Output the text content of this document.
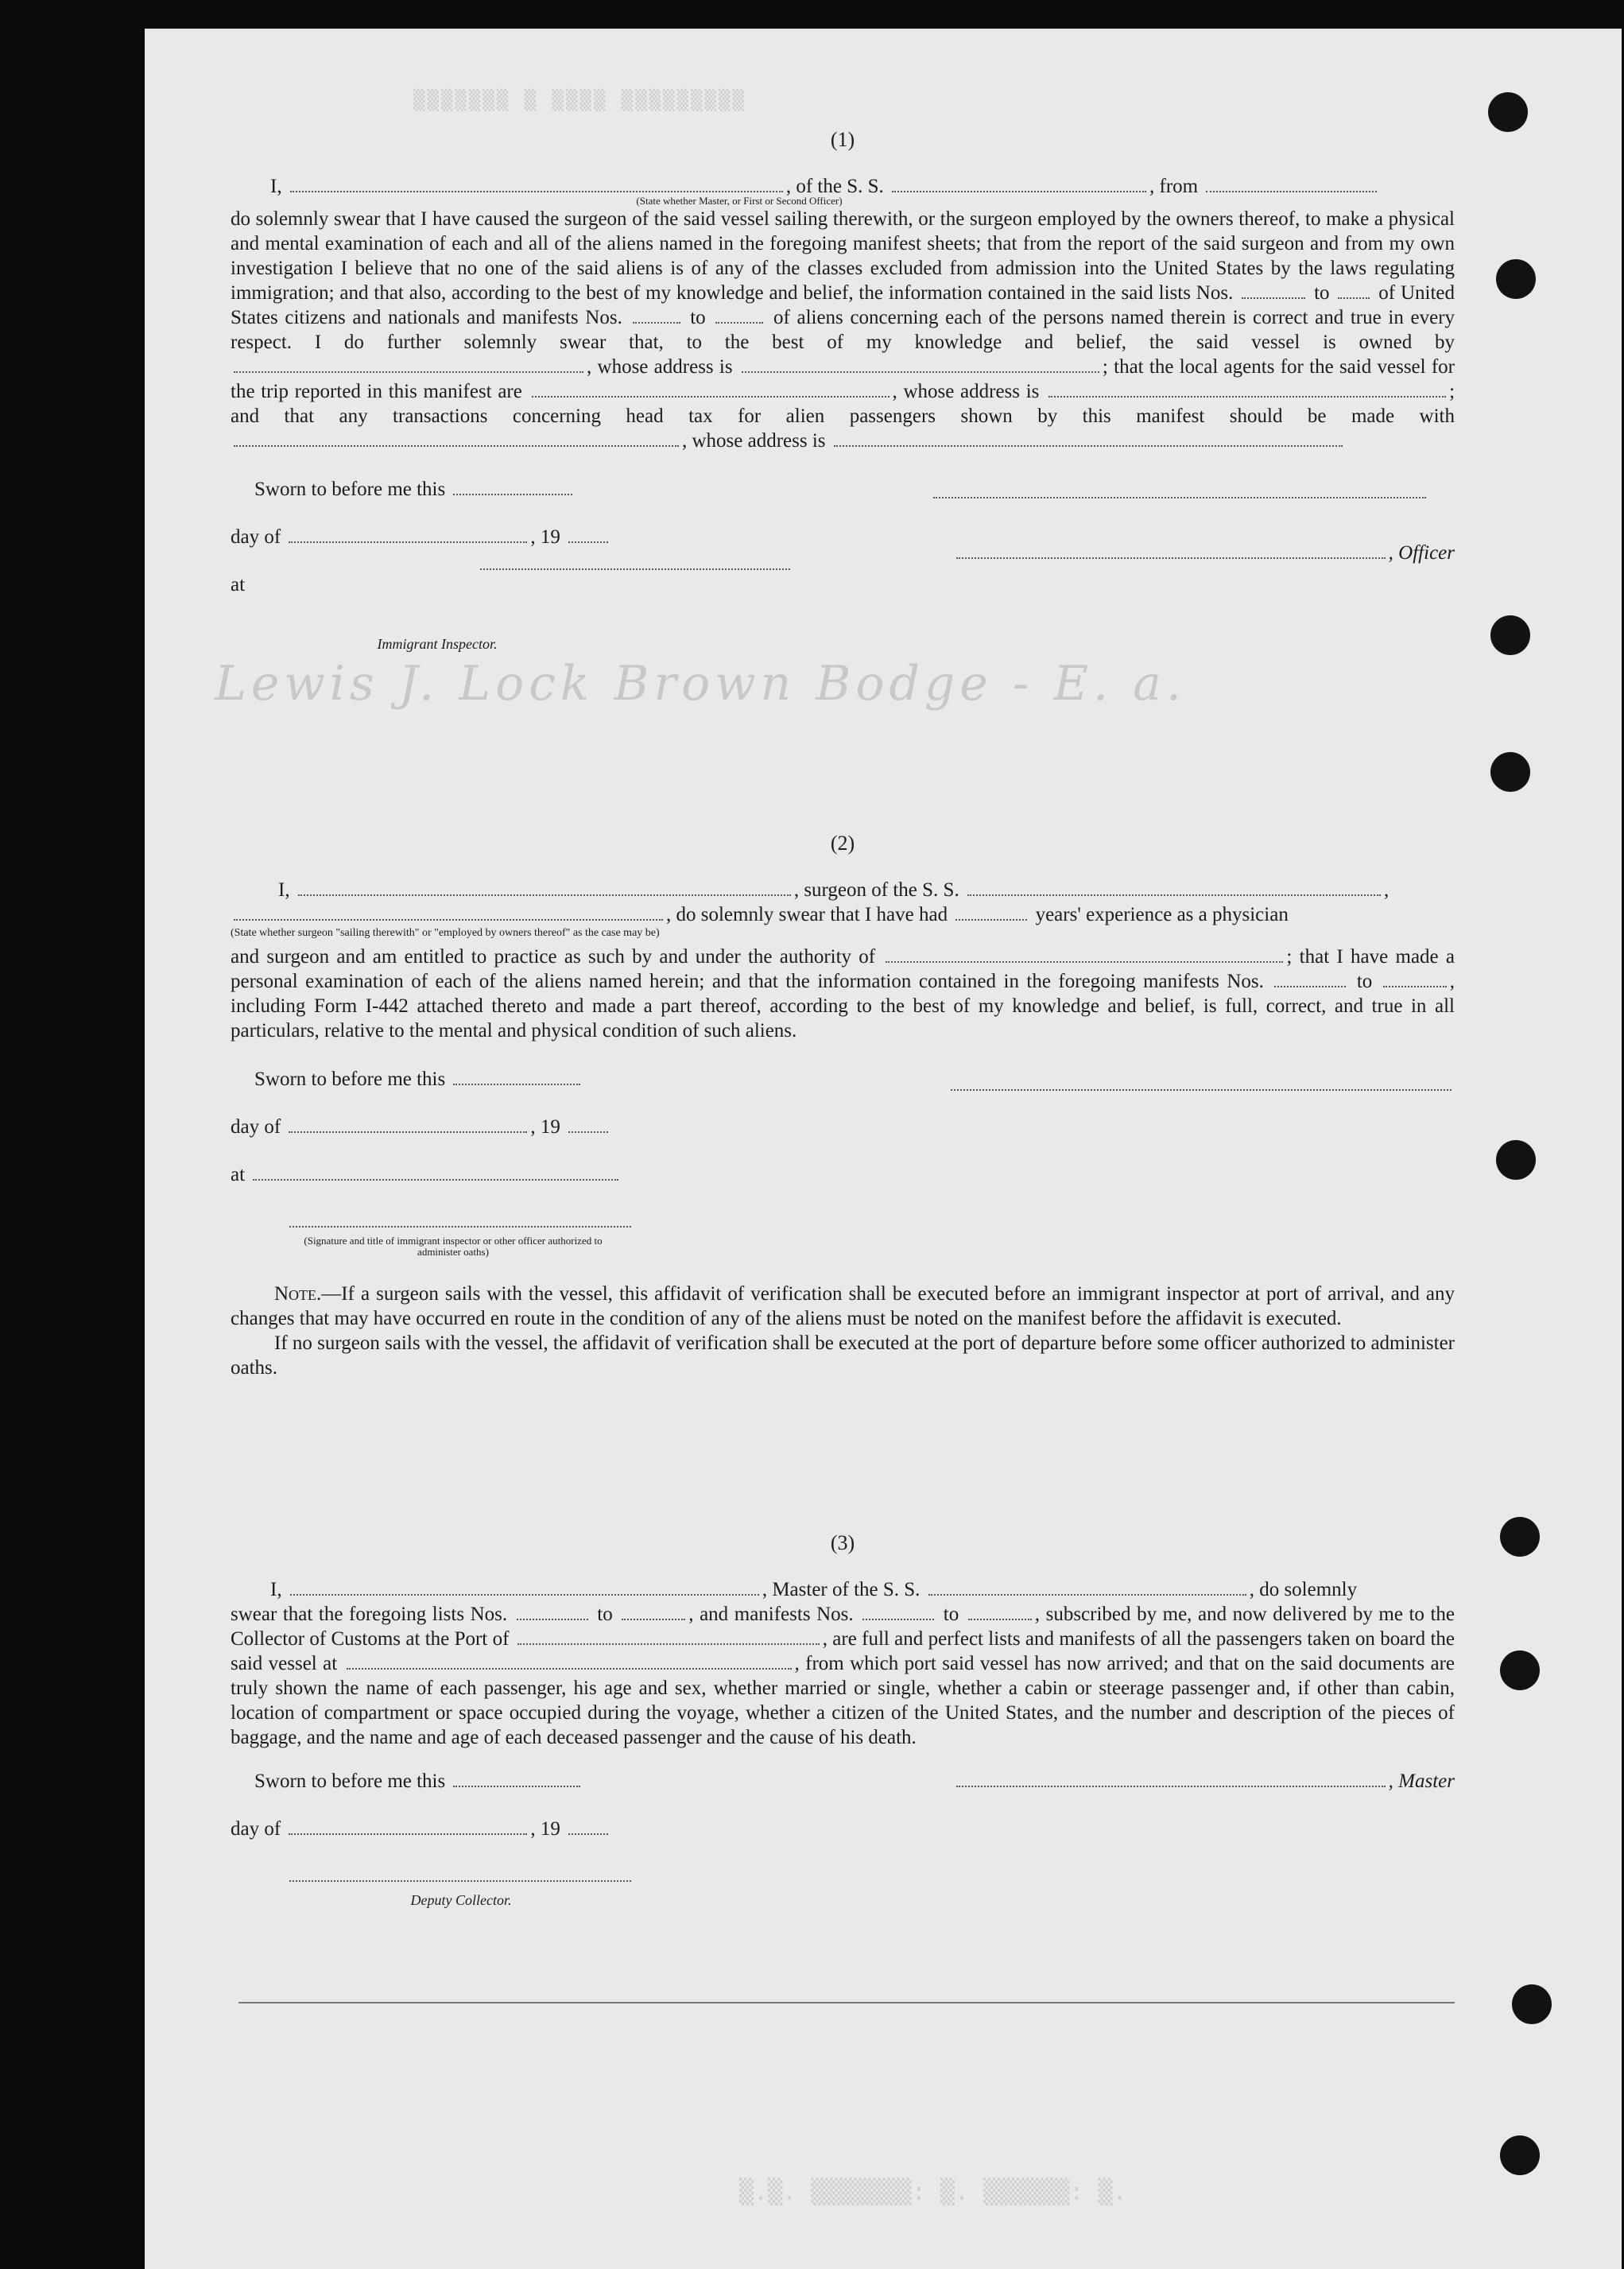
▒▒▒▒▒▒▒ ▒ ▒▒▒▒ ▒▒▒▒▒▒▒▒▒
(1)

I,	, of the S. S.	, from

(State whether Master, or First or Second Officer)

do solemnly swear that I have caused the surgeon of the said vessel sailing therewith, or the surgeon employed by the owners thereof, to make a physical and mental examination of each and all of the aliens named in the foregoing manifest sheets; that from the report of the said surgeon and from my own investigation I believe that no one of the said aliens is of any of the classes excluded from admission into the United States by the laws regulating immigration; and that also, according to the best of my knowledge and belief, the information contained in the said lists Nos.	to of United States citizens and nationals and manifests Nos.	to	of aliens concerning each of the persons named therein is correct and true in every respect. I do further solemnly swear that, to the best of my knowledge and belief, the said vessel is owned by , whose address is	; that the local agents for the said vessel for the trip reported in this manifest are	, whose address is	; and that any transactions concerning head tax for alien passengers shown by this manifest should be made with , whose address is

Sworn to before me this
day of	, 19
at
, Officer
Immigrant Inspector.
Lewis J. Lock Brown Bodge - E. a.
(2)

I,	, surgeon of the S. S.	,

, do solemnly swear that I have had	years' experience as a physician

(State whether surgeon "sailing therewith" or "employed by owners thereof" as the case may be)

and surgeon and am entitled to practice as such by and under the authority of	; that I have made a personal examination of each of the aliens named herein; and that the information contained in the foregoing manifests Nos.	to	, including Form I-442 attached thereto and made a part thereof, according to the best of my knowledge and belief, is full, correct, and true in all particulars, relative to the mental and physical condition of such aliens.

Sworn to before me this
day of	, 19
at
(Signature and title of immigrant inspector or other officer authorized to administer oaths)

Note.—If a surgeon sails with the vessel, this affidavit of verification shall be executed before an immigrant inspector at port of arrival, and any changes that may have occurred en route in the condition of any of the aliens must be noted on the manifest before the affidavit is executed.

If no surgeon sails with the vessel, the affidavit of verification shall be executed at the port of departure before some officer authorized to administer oaths.

(3)

I,	, Master of the S. S.	, do solemnly

swear that the foregoing lists Nos.	to	, and manifests Nos.	to	, subscribed by me, and now delivered by me to the Collector of Customs at the Port of	, are full and perfect lists and manifests of all the passengers taken on board the said vessel at	, from which port said vessel has now arrived; and that on the said documents are truly shown the name of each passenger, his age and sex, whether married or single, whether a cabin or steerage passenger and, if other than cabin, location of compartment or space occupied during the voyage, whether a citizen of the United States, and the number and description of the pieces of baggage, and the name and age of each deceased passenger and the cause of his death.

Sworn to before me this	, Master
day of	, 19
Deputy Collector.
▒.▒. ▒▒▒▒▒▒▒: ▒. ▒▒▒▒▒▒: ▒.
